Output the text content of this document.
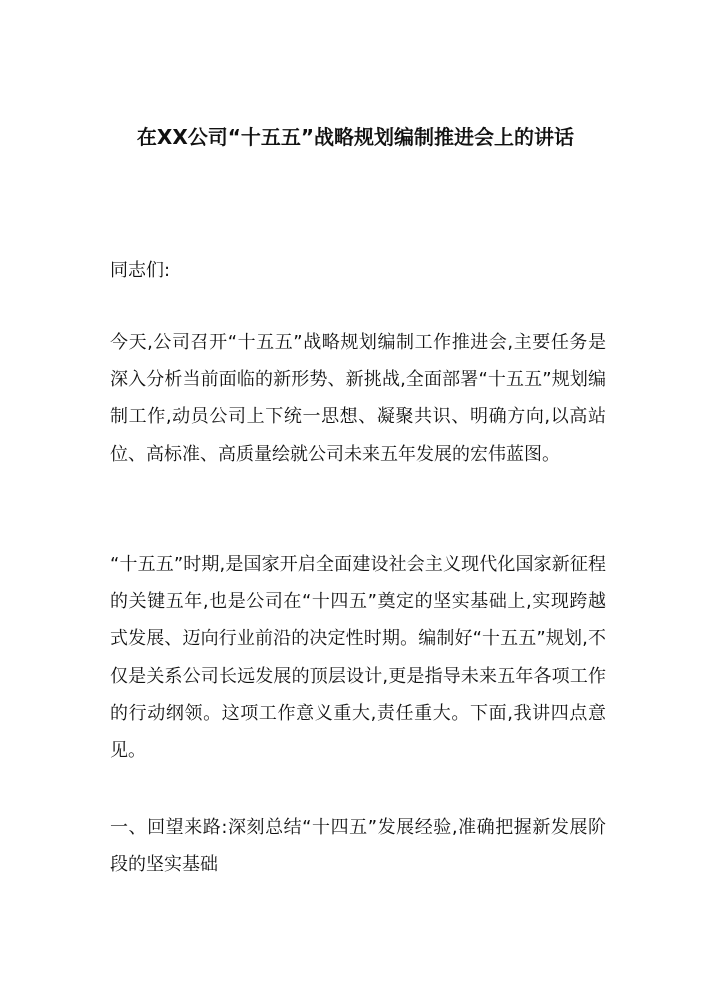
在XX公司“十五五”战略规划编制推进会上的讲话

同志们:

今天,公司召开“十五五”战略规划编制工作推进会,主要任务是深入分析当前面临的新形势、新挑战,全面部署“十五五”规划编制工作,动员公司上下统一思想、凝聚共识、明确方向,以高站位、高标准、高质量绘就公司未来五年发展的宏伟蓝图。

“十五五”时期,是国家开启全面建设社会主义现代化国家新征程的关键五年,也是公司在“十四五”奠定的坚实基础上,实现跨越式发展、迈向行业前沿的决定性时期。编制好“十五五”规划,不仅是关系公司长远发展的顶层设计,更是指导未来五年各项工作的行动纲领。这项工作意义重大,责任重大。下面,我讲四点意见。

一、回望来路:深刻总结“十四五”发展经验,准确把握新发展阶段的坚实基础
